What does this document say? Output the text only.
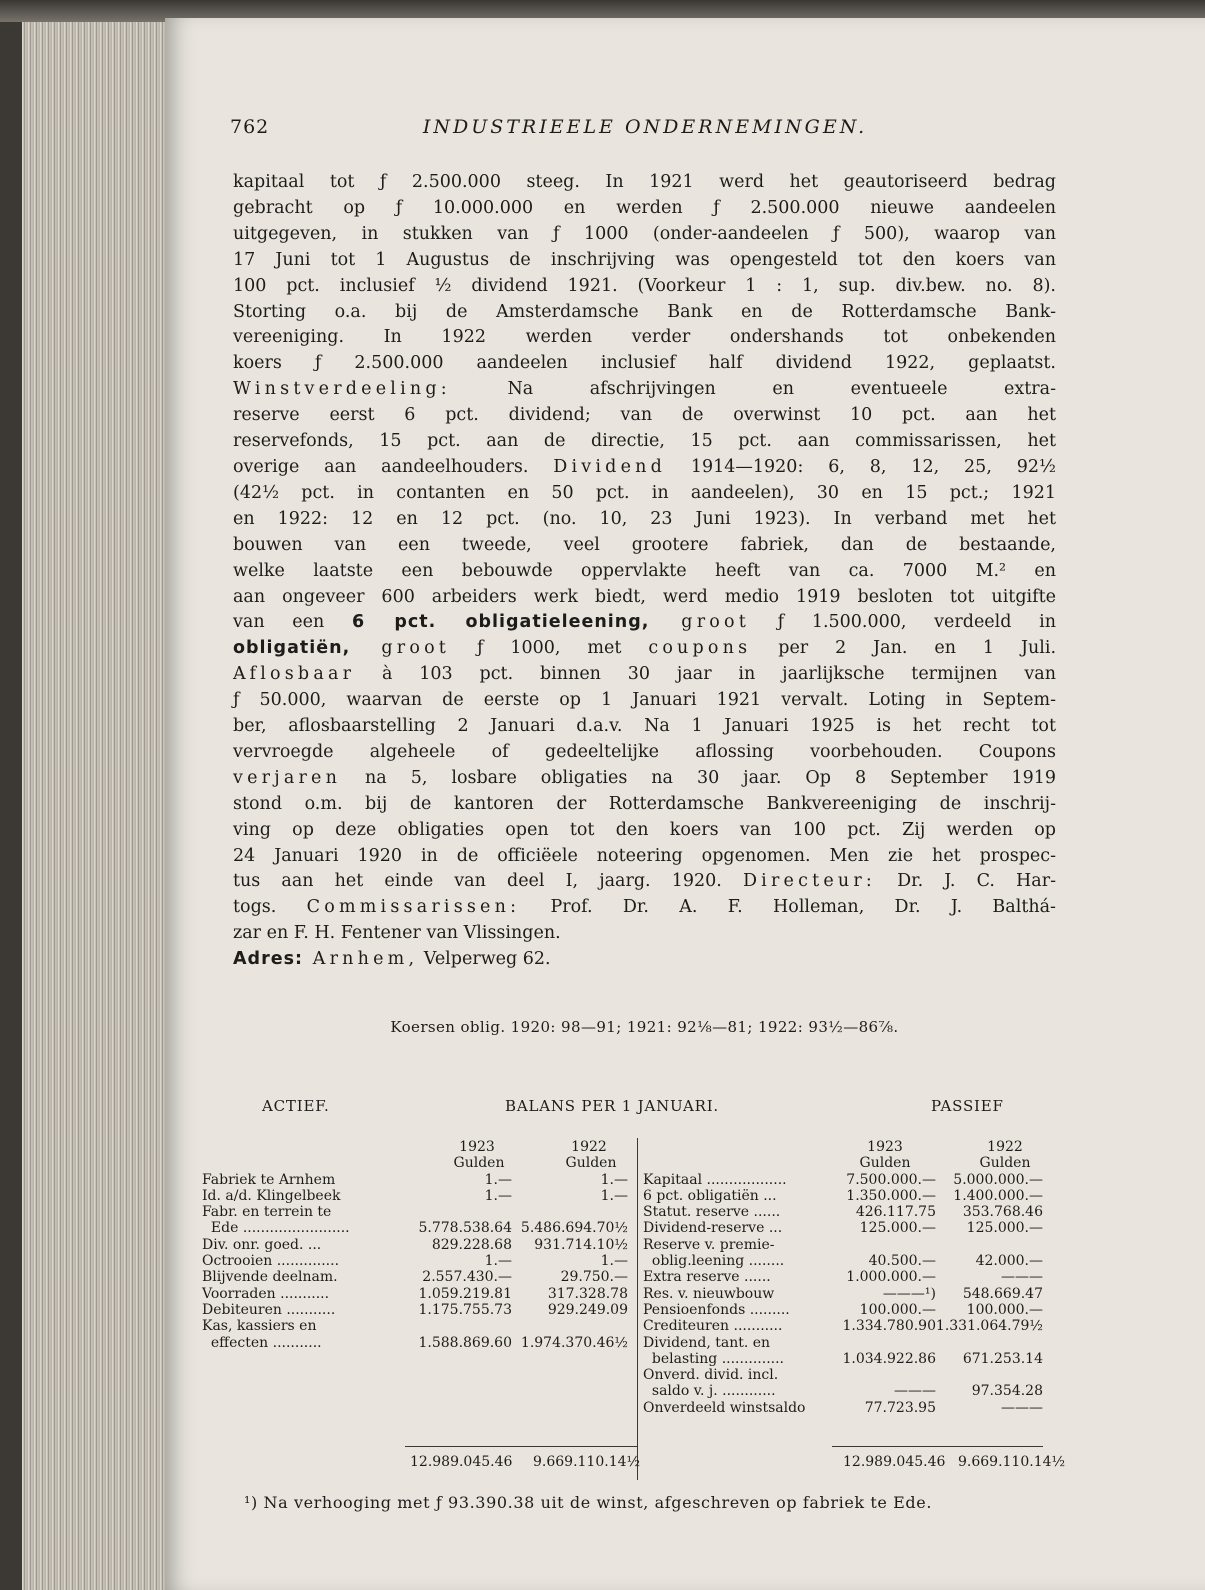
762	INDUSTRIEELE ONDERNEMINGEN.

kapitaal tot ƒ 2.500.000 steeg. In 1921 werd het geautoriseerd bedrag

gebracht op ƒ 10.000.000 en werden ƒ 2.500.000 nieuwe aandeelen

uitgegeven, in stukken van ƒ 1000 (onder-aandeelen ƒ 500), waarop van

17 Juni tot 1 Augustus de inschrijving was opengesteld tot den koers van

100 pct. inclusief ½ dividend 1921. (Voorkeur 1 : 1, sup. div.bew. no. 8).

Storting o.a. bij de Amsterdamsche Bank en de Rotterdamsche Bank-

vereeniging. In 1922 werden verder ondershands tot onbekenden

koers ƒ 2.500.000 aandeelen inclusief half dividend 1922, geplaatst.

Winstverdeeling: Na afschrijvingen en eventueele extra-

reserve eerst 6 pct. dividend; van de overwinst 10 pct. aan het

reservefonds, 15 pct. aan de directie, 15 pct. aan commissarissen, het

overige aan aandeelhouders. Dividend 1914—1920: 6, 8, 12, 25, 92½

(42½ pct. in contanten en 50 pct. in aandeelen), 30 en 15 pct.; 1921

en 1922: 12 en 12 pct. (no. 10, 23 Juni 1923). In verband met het

bouwen van een tweede, veel grootere fabriek, dan de bestaande,

welke laatste een bebouwde oppervlakte heeft van ca. 7000 M.² en

aan ongeveer 600 arbeiders werk biedt, werd medio 1919 besloten tot uitgifte

van een 6 pct. obligatieleening, groot ƒ 1.500.000, verdeeld in

obligatiën, groot ƒ 1000, met coupons per 2 Jan. en 1 Juli.

Aflosbaar à 103 pct. binnen 30 jaar in jaarlijksche termijnen van

ƒ 50.000, waarvan de eerste op 1 Januari 1921 vervalt. Loting in Septem-

ber, aflosbaarstelling 2 Januari d.a.v. Na 1 Januari 1925 is het recht tot

vervroegde algeheele of gedeeltelijke aflossing voorbehouden. Coupons

verjaren na 5, losbare obligaties na 30 jaar. Op 8 September 1919

stond o.m. bij de kantoren der Rotterdamsche Bankvereeniging de inschrij-

ving op deze obligaties open tot den koers van 100 pct. Zij werden op

24 Januari 1920 in de officiëele noteering opgenomen. Men zie het prospec-

tus aan het einde van deel I, jaarg. 1920. Directeur: Dr. J. C. Har-

togs. Commissarissen: Prof. Dr. A. F. Holleman, Dr. J. Balthá-

zar en F. H. Fentener van Vlissingen.

Adres: Arnhem, Velperweg 62.

Koersen oblig. 1920: 98—91; 1921: 92⅛—81; 1922: 93½—86⅞.
ACTIEF.	BALANS PER 1 JANUARI.	PASSIEF
1923	1922
Gulden	Gulden
Fabriek te Arnhem	1.—	1.—
Id. a/d. Klingelbeek	1.—	1.—
Fabr. en terrein te
Ede ........................	5.778.538.64 5.486.694.70½
Div. onr. goed. ...	829.228.68 931.714.10½
Octrooien ..............	1.—	1.—
Blijvende deelnam.	2.557.430.—	29.750.—
Voorraden ...........	1.059.219.81	317.328.78
Debiteuren ...........	1.175.755.73	929.249.09
Kas, kassiers en
effecten ...........	1.588.869.60 1.974.370.46½
1923	1922
Gulden	Gulden
Kapitaal ..................	7.500.000.— 5.000.000.—
6 pct. obligatiën ...	1.350.000.— 1.400.000.—
Statut. reserve ......	426.117.75 353.768.46
Dividend-reserve ...	125.000.— 125.000.—
Reserve v. premie-
oblig.leening ........	40.500.—	42.000.—
Extra reserve ......	1.000.000.—	———
Res. v. nieuwbouw	———¹) 548.669.47
Pensioenfonds .........	100.000.— 100.000.—
Crediteuren ...........	1.334.780.90 1.331.064.79½
Dividend, tant. en
belasting ..............	1.034.922.86 671.253.14
Onverd. divid. incl.
saldo v. j. ............	———	97.354.28
Onverdeeld winstsaldo	77.723.95	———
12.989.045.46 9.669.110.14½	12.989.045.46 9.669.110.14½
¹) Na verhooging met ƒ 93.390.38 uit de winst, afgeschreven op fabriek te Ede.
